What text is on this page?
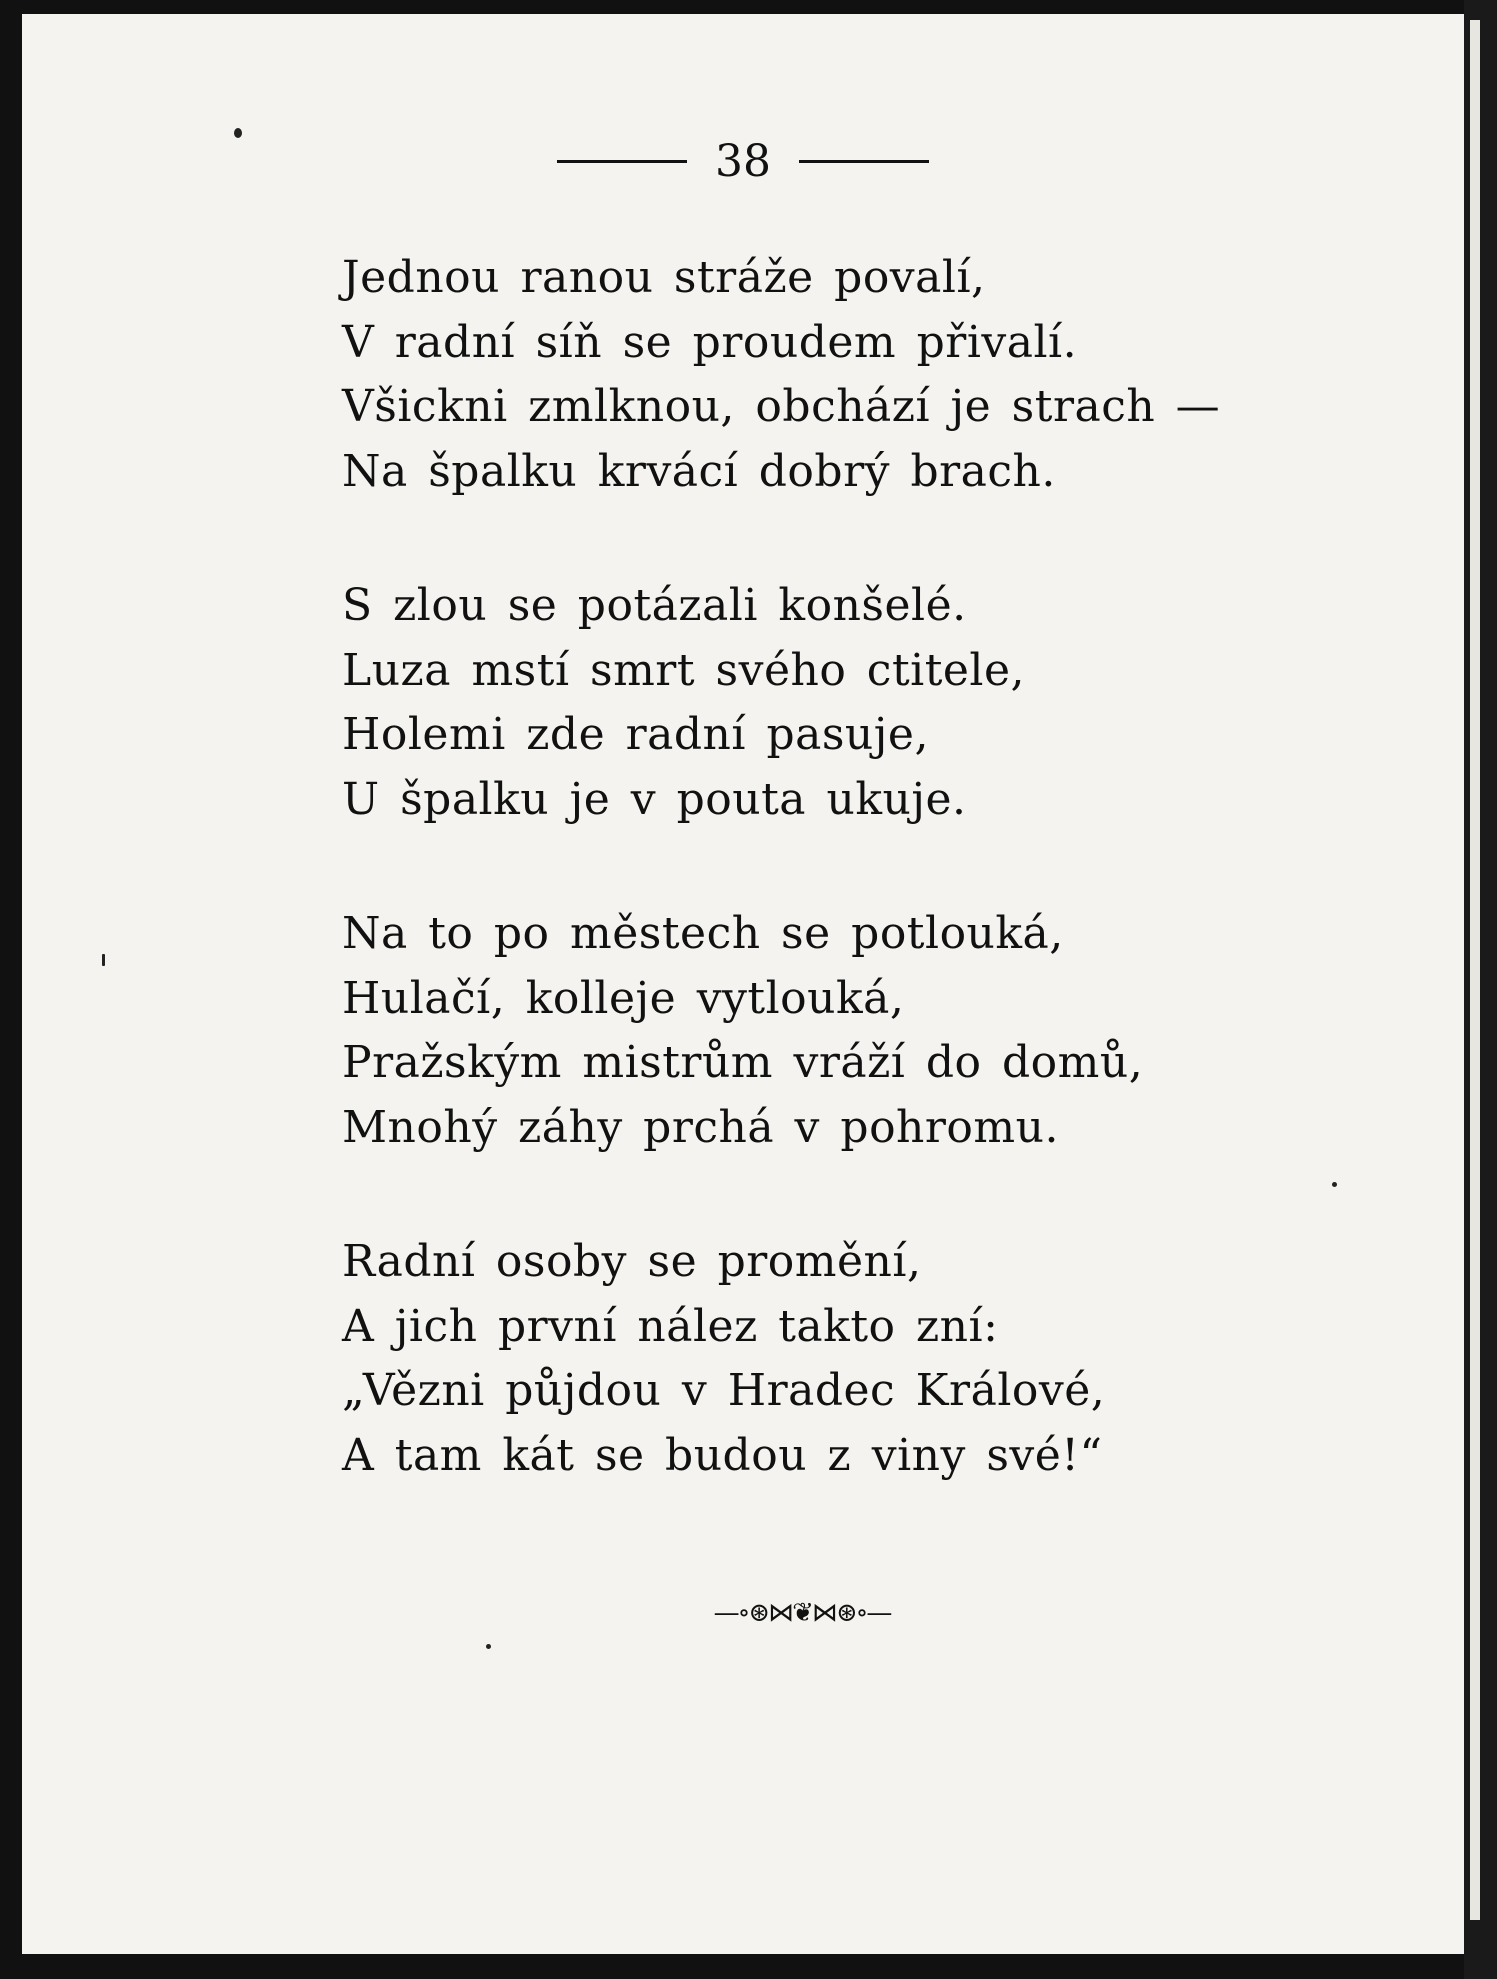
38
Jednou ranou stráže povalí,
V radní síň se proudem přivalí.
Všickni zmlknou, obchází je strach —
Na špalku krvácí dobrý brach.
S zlou se potázali konšelé.
Luza mstí smrt svého ctitele,
Holemi zde radní pasuje,
U špalku je v pouta ukuje.
Na to po městech se potlouká,
Hulačí, kolleje vytlouká,
Pražským mistrům vráží do domů,
Mnohý záhy prchá v pohromu.
Radní osoby se promění,
A jich první nález takto zní:
„Vězni půjdou v Hradec Králové,
A tam kát se budou z viny své!“
—∘⊛⋈❦⋈⊛∘—
